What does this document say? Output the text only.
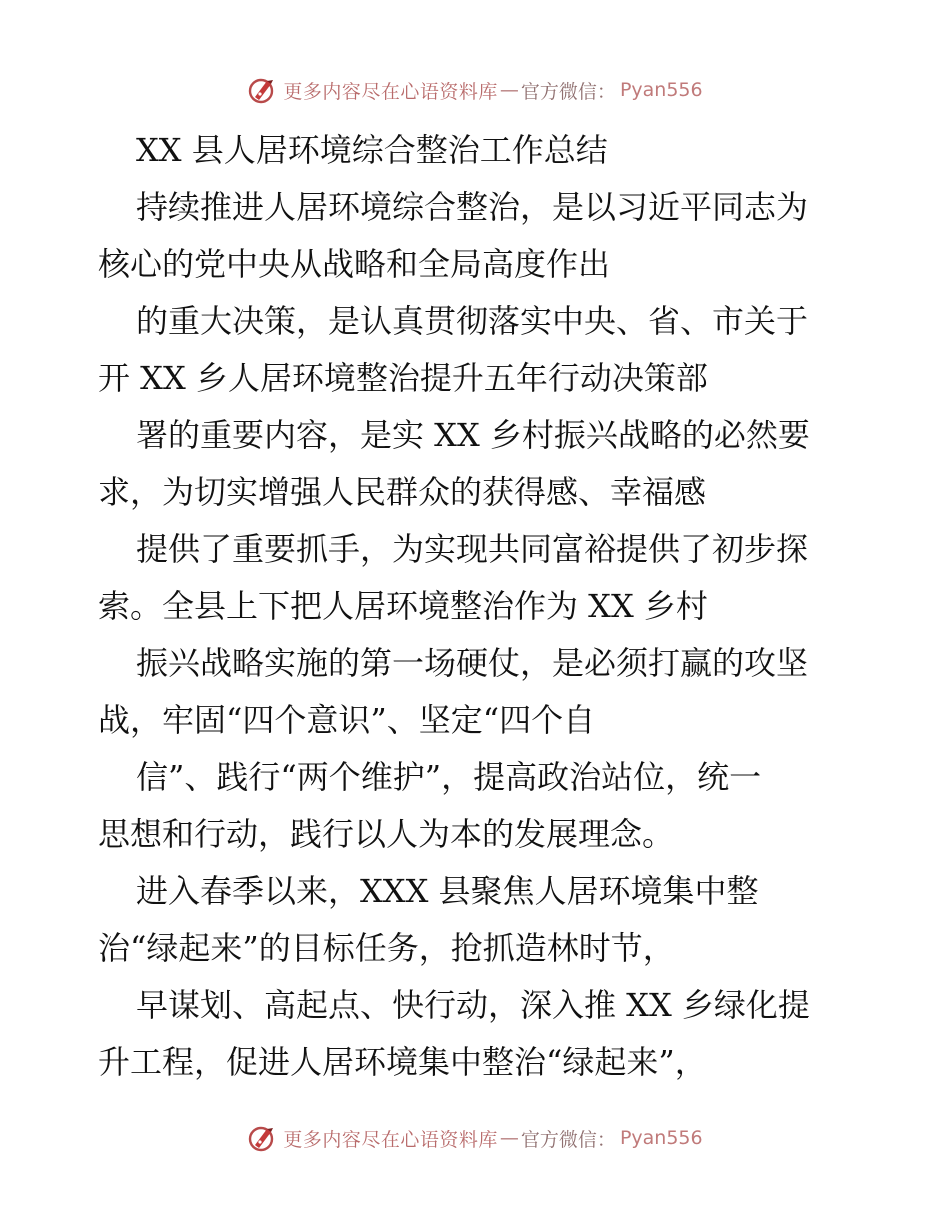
更多内容尽在心语资料库 — 官方微信： Pyan556
XX 县人居环境综合整治工作总结
持续推进人居环境综合整治，是以习近平同志为
核心的党中央从战略和全局高度作出
的重大决策，是认真贯彻落实中央、省、市关于
开 XX 乡人居环境整治提升五年行动决策部
署的重要内容，是实 XX 乡村振兴战略的必然要
求，为切实增强人民群众的获得感、幸福感
提供了重要抓手，为实现共同富裕提供了初步探
索。全县上下把人居环境整治作为 XX 乡村
振兴战略实施的第一场硬仗，是必须打赢的攻坚
战，牢固“四个意识”、坚定“四个自
信”、践行“两个维护”，提高政治站位，统一
思想和行动，践行以人为本的发展理念。
进入春季以来，XXX 县聚焦人居环境集中整
治“绿起来”的目标任务，抢抓造林时节，
早谋划、高起点、快行动，深入推 XX 乡绿化提
升工程，促进人居环境集中整治“绿起来”，
更多内容尽在心语资料库 — 官方微信： Pyan556
